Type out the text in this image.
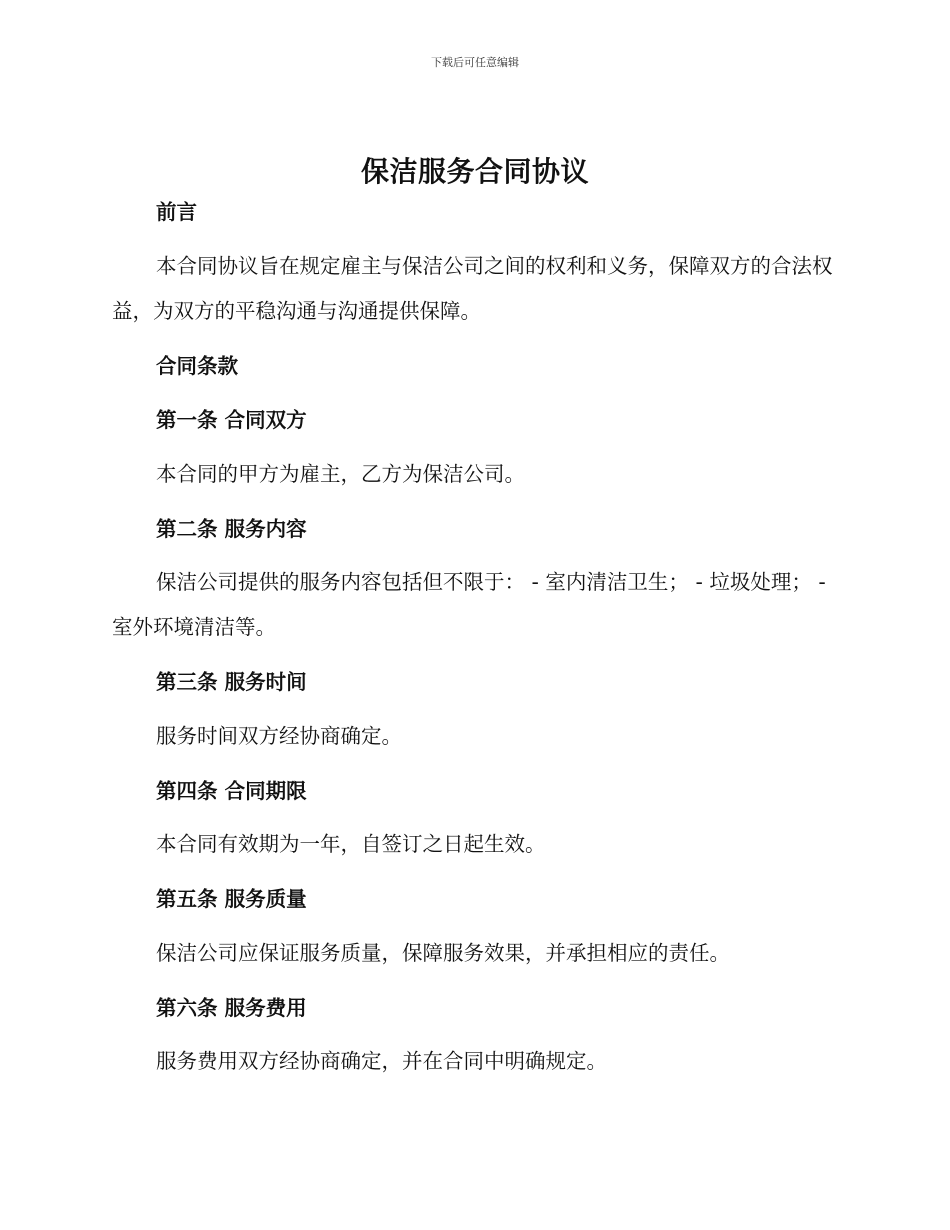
下载后可任意编辑
保洁服务合同协议
前言

本合同协议旨在规定雇主与保洁公司之间的权利和义务，保障双方的合法权益，为双方的平稳沟通与沟通提供保障。

合同条款
第一条 合同双方

本合同的甲方为雇主，乙方为保洁公司。

第二条 服务内容

保洁公司提供的服务内容包括但不限于： - 室内清洁卫生； - 垃圾处理； - 室外环境清洁等。

第三条 服务时间

服务时间双方经协商确定。

第四条 合同期限

本合同有效期为一年，自签订之日起生效。

第五条 服务质量

保洁公司应保证服务质量，保障服务效果，并承担相应的责任。

第六条 服务费用

服务费用双方经协商确定，并在合同中明确规定。
